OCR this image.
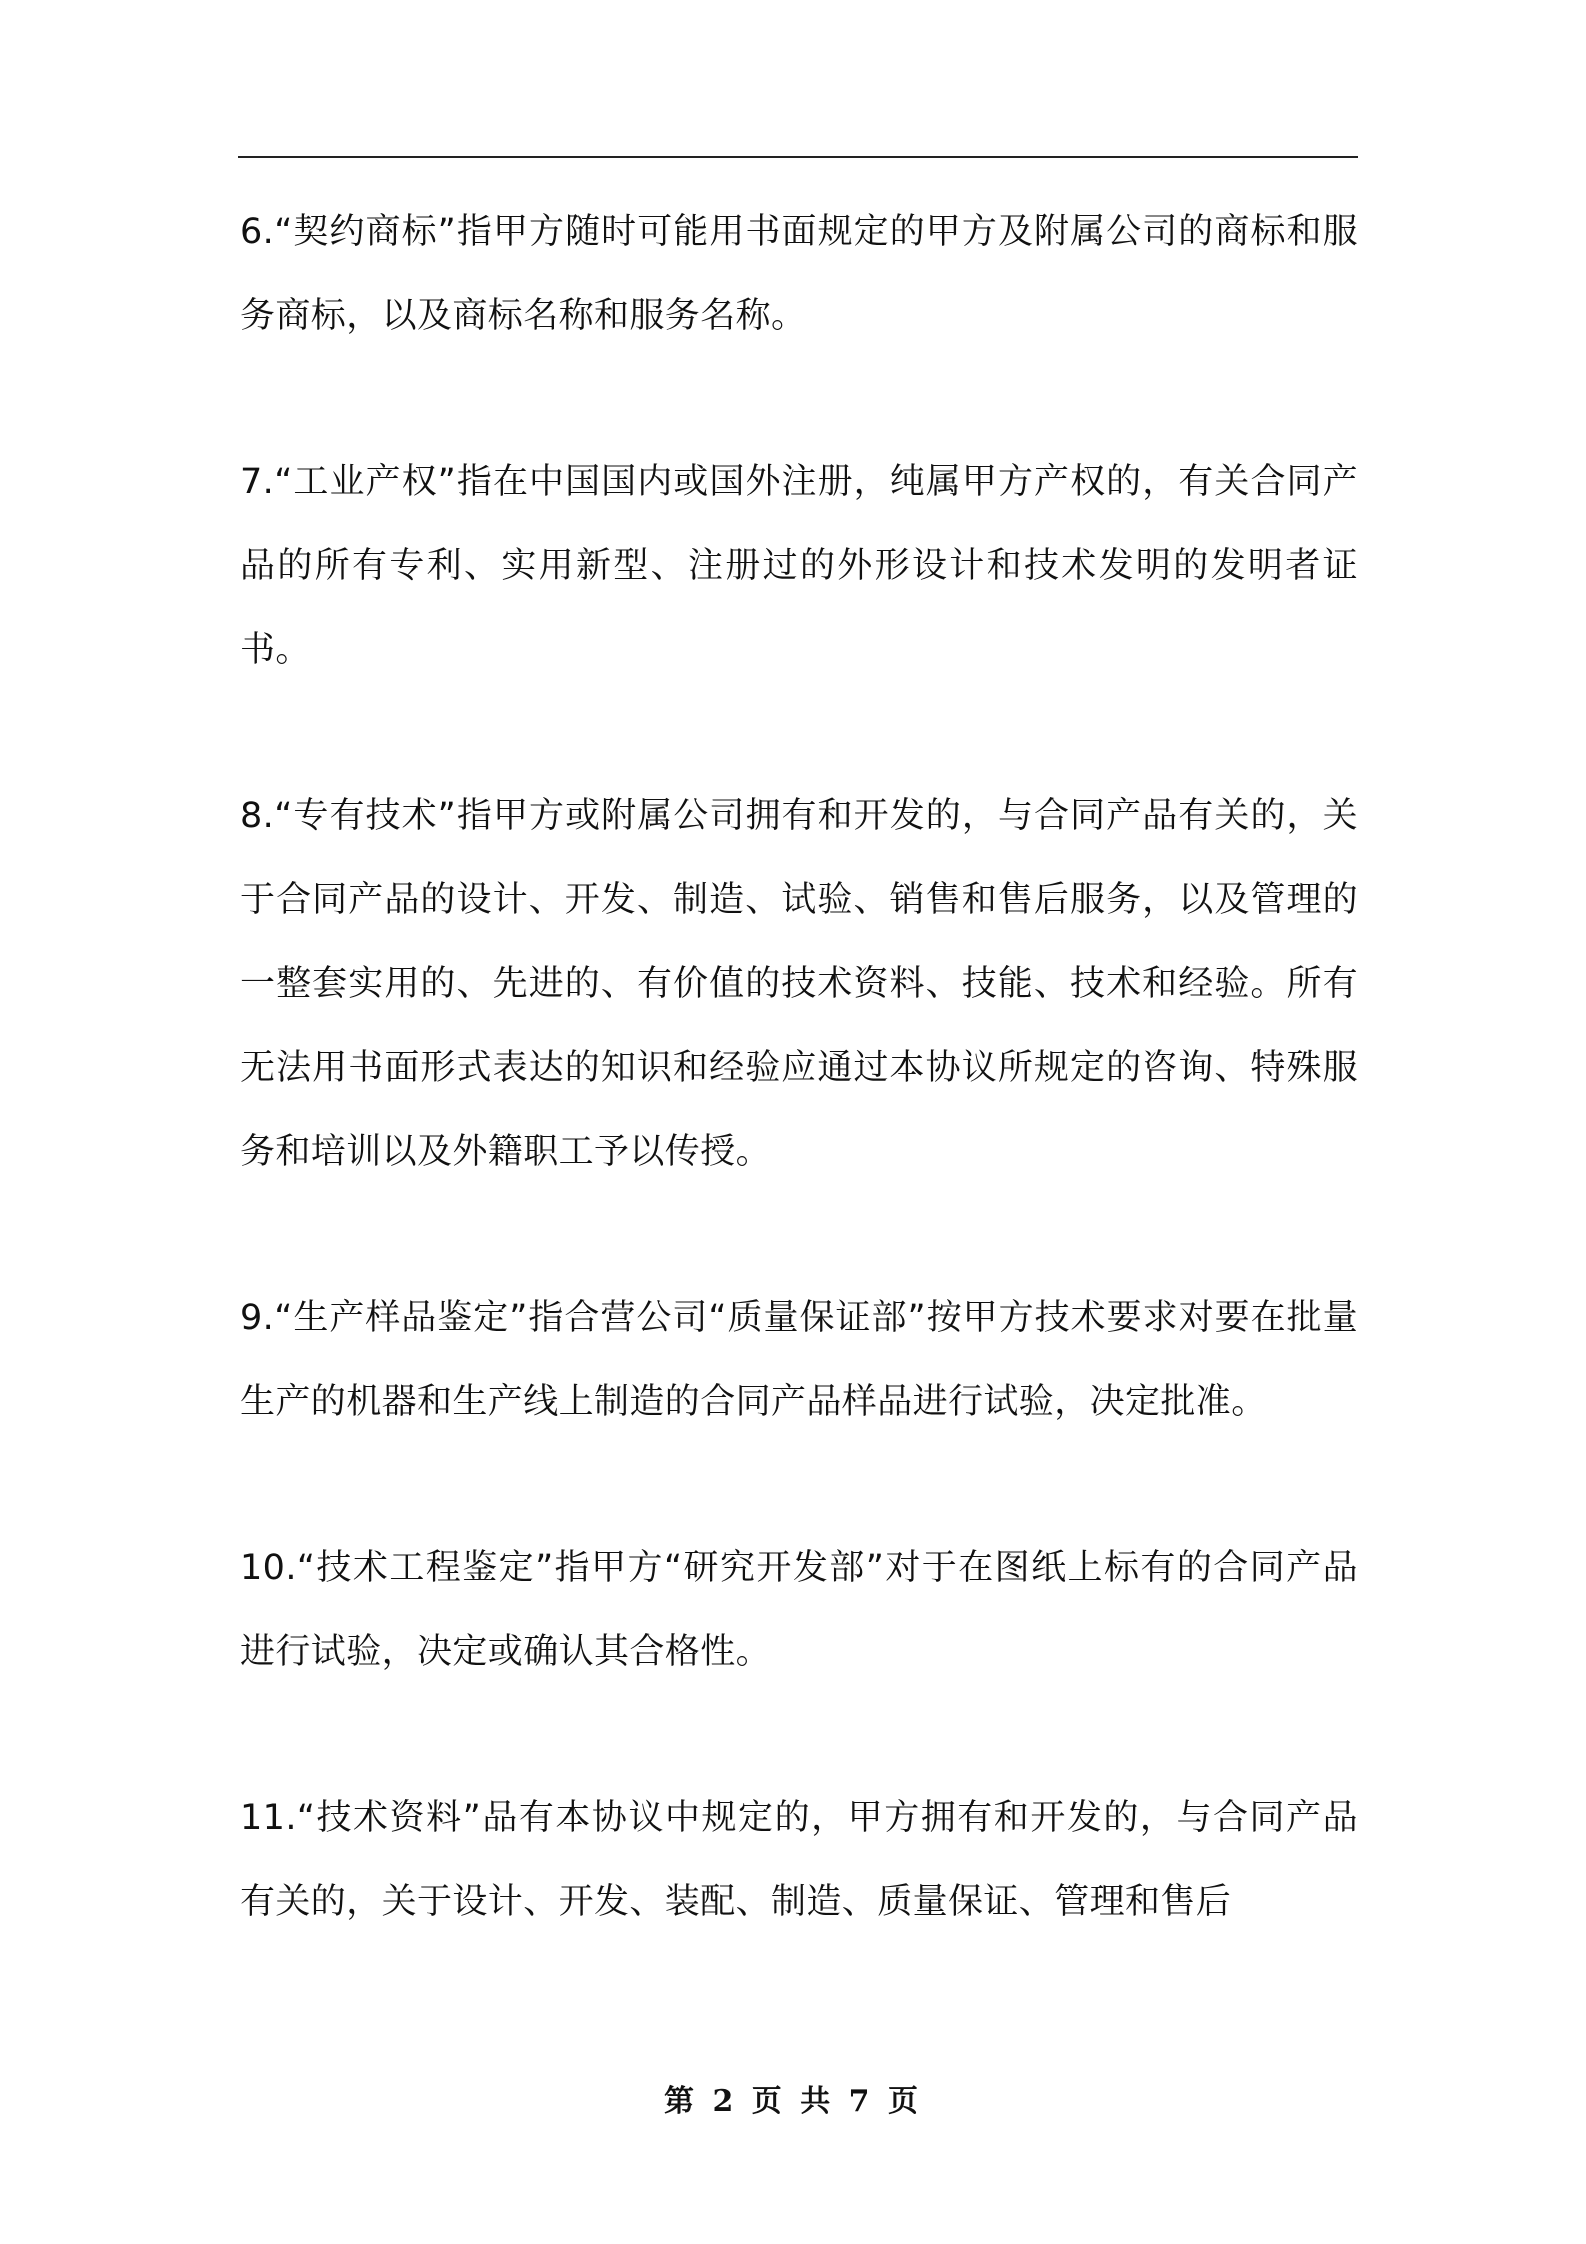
6.“契约商标”指甲方随时可能用书面规定的甲方及附属公司的商标和服务商标，以及商标名称和服务名称。

7.“工业产权”指在中国国内或国外注册，纯属甲方产权的，有关合同产品的所有专利、实用新型、注册过的外形设计和技术发明的发明者证书。

8.“专有技术”指甲方或附属公司拥有和开发的，与合同产品有关的，关于合同产品的设计、开发、制造、试验、销售和售后服务，以及管理的一整套实用的、先进的、有价值的技术资料、技能、技术和经验。所有无法用书面形式表达的知识和经验应通过本协议所规定的咨询、特殊服务和培训以及外籍职工予以传授。

9.“生产样品鉴定”指合营公司“质量保证部”按甲方技术要求对要在批量生产的机器和生产线上制造的合同产品样品进行试验，决定批准。

10.“技术工程鉴定”指甲方“研究开发部”对于在图纸上标有的合同产品进行试验，决定或确认其合格性。

11.“技术资料”品有本协议中规定的，甲方拥有和开发的，与合同产品有关的，关于设计、开发、装配、制造、质量保证、管理和售后

第 2 页 共 7 页
